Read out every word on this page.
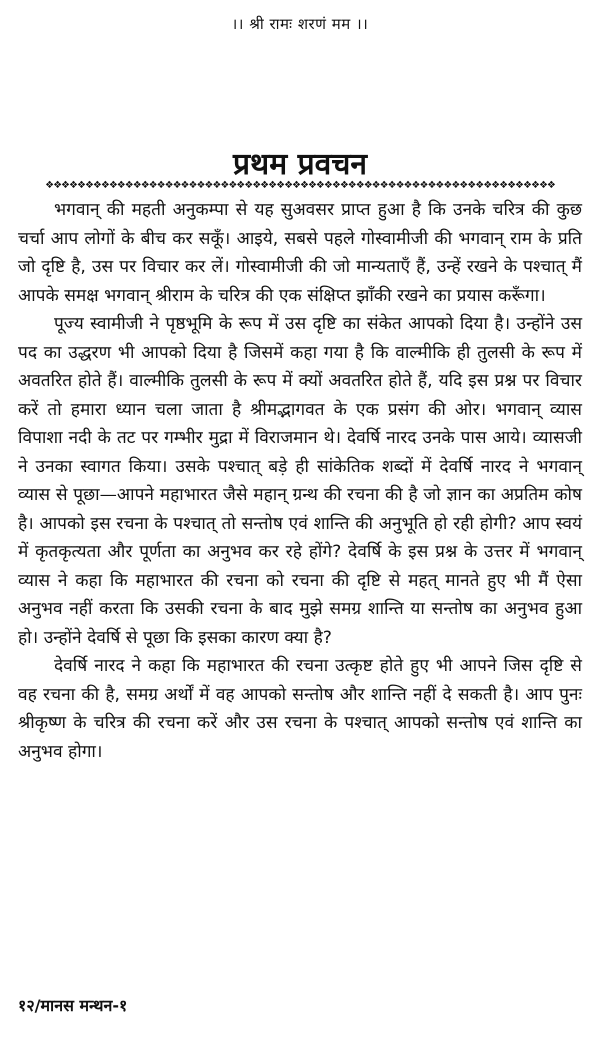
।। श्री रामः शरणं मम ।।
प्रथम प्रवचन
❖❖❖❖❖❖❖❖❖❖❖❖❖❖❖❖❖❖❖❖❖❖❖❖❖❖❖❖❖❖❖❖❖❖❖❖❖❖❖❖❖❖❖❖❖❖❖❖❖❖❖❖❖❖❖❖❖❖❖❖❖❖❖❖

भगवान् की महती अनुकम्पा से यह सुअवसर प्राप्त हुआ है कि उनके चरित्र की कुछ चर्चा आप लोगों के बीच कर सकूँ। आइये, सबसे पहले गोस्वामीजी की भगवान् राम के प्रति जो दृष्टि है, उस पर विचार कर लें। गोस्वामीजी की जो मान्यताएँ हैं, उन्हें रखने के पश्चात् मैं आपके समक्ष भगवान् श्रीराम के चरित्र की एक संक्षिप्त झाँकी रखने का प्रयास करूँगा।

पूज्य स्वामीजी ने पृष्ठभूमि के रूप में उस दृष्टि का संकेत आपको दिया है। उन्होंने उस पद का उद्धरण भी आपको दिया है जिसमें कहा गया है कि वाल्मीकि ही तुलसी के रूप में अवतरित होते हैं। वाल्मीकि तुलसी के रूप में क्यों अवतरित होते हैं, यदि इस प्रश्न पर विचार करें तो हमारा ध्यान चला जाता है श्रीमद्भागवत के एक प्रसंग की ओर। भगवान् व्यास विपाशा नदी के तट पर गम्भीर मुद्रा में विराजमान थे। देवर्षि नारद उनके पास आये। व्यासजी ने उनका स्वागत किया। उसके पश्चात् बड़े ही सांकेतिक शब्दों में देवर्षि नारद ने भगवान् व्यास से पूछा—आपने महाभारत जैसे महान् ग्रन्थ की रचना की है जो ज्ञान का अप्रतिम कोष है। आपको इस रचना के पश्चात् तो सन्तोष एवं शान्ति की अनुभूति हो रही होगी? आप स्वयं में कृतकृत्यता और पूर्णता का अनुभव कर रहे होंगे? देवर्षि के इस प्रश्न के उत्तर में भगवान् व्यास ने कहा कि महाभारत की रचना को रचना की दृष्टि से महत् मानते हुए भी मैं ऐसा अनुभव नहीं करता कि उसकी रचना के बाद मुझे समग्र शान्ति या सन्तोष का अनुभव हुआ हो। उन्होंने देवर्षि से पूछा कि इसका कारण क्या है?

देवर्षि नारद ने कहा कि महाभारत की रचना उत्कृष्ट होते हुए भी आपने जिस दृष्टि से वह रचना की है, समग्र अर्थों में वह आपको सन्तोष और शान्ति नहीं दे सकती है। आप पुनः श्रीकृष्ण के चरित्र की रचना करें और उस रचना के पश्चात् आपको सन्तोष एवं शान्ति का अनुभव होगा।

१२/मानस मन्थन-१
